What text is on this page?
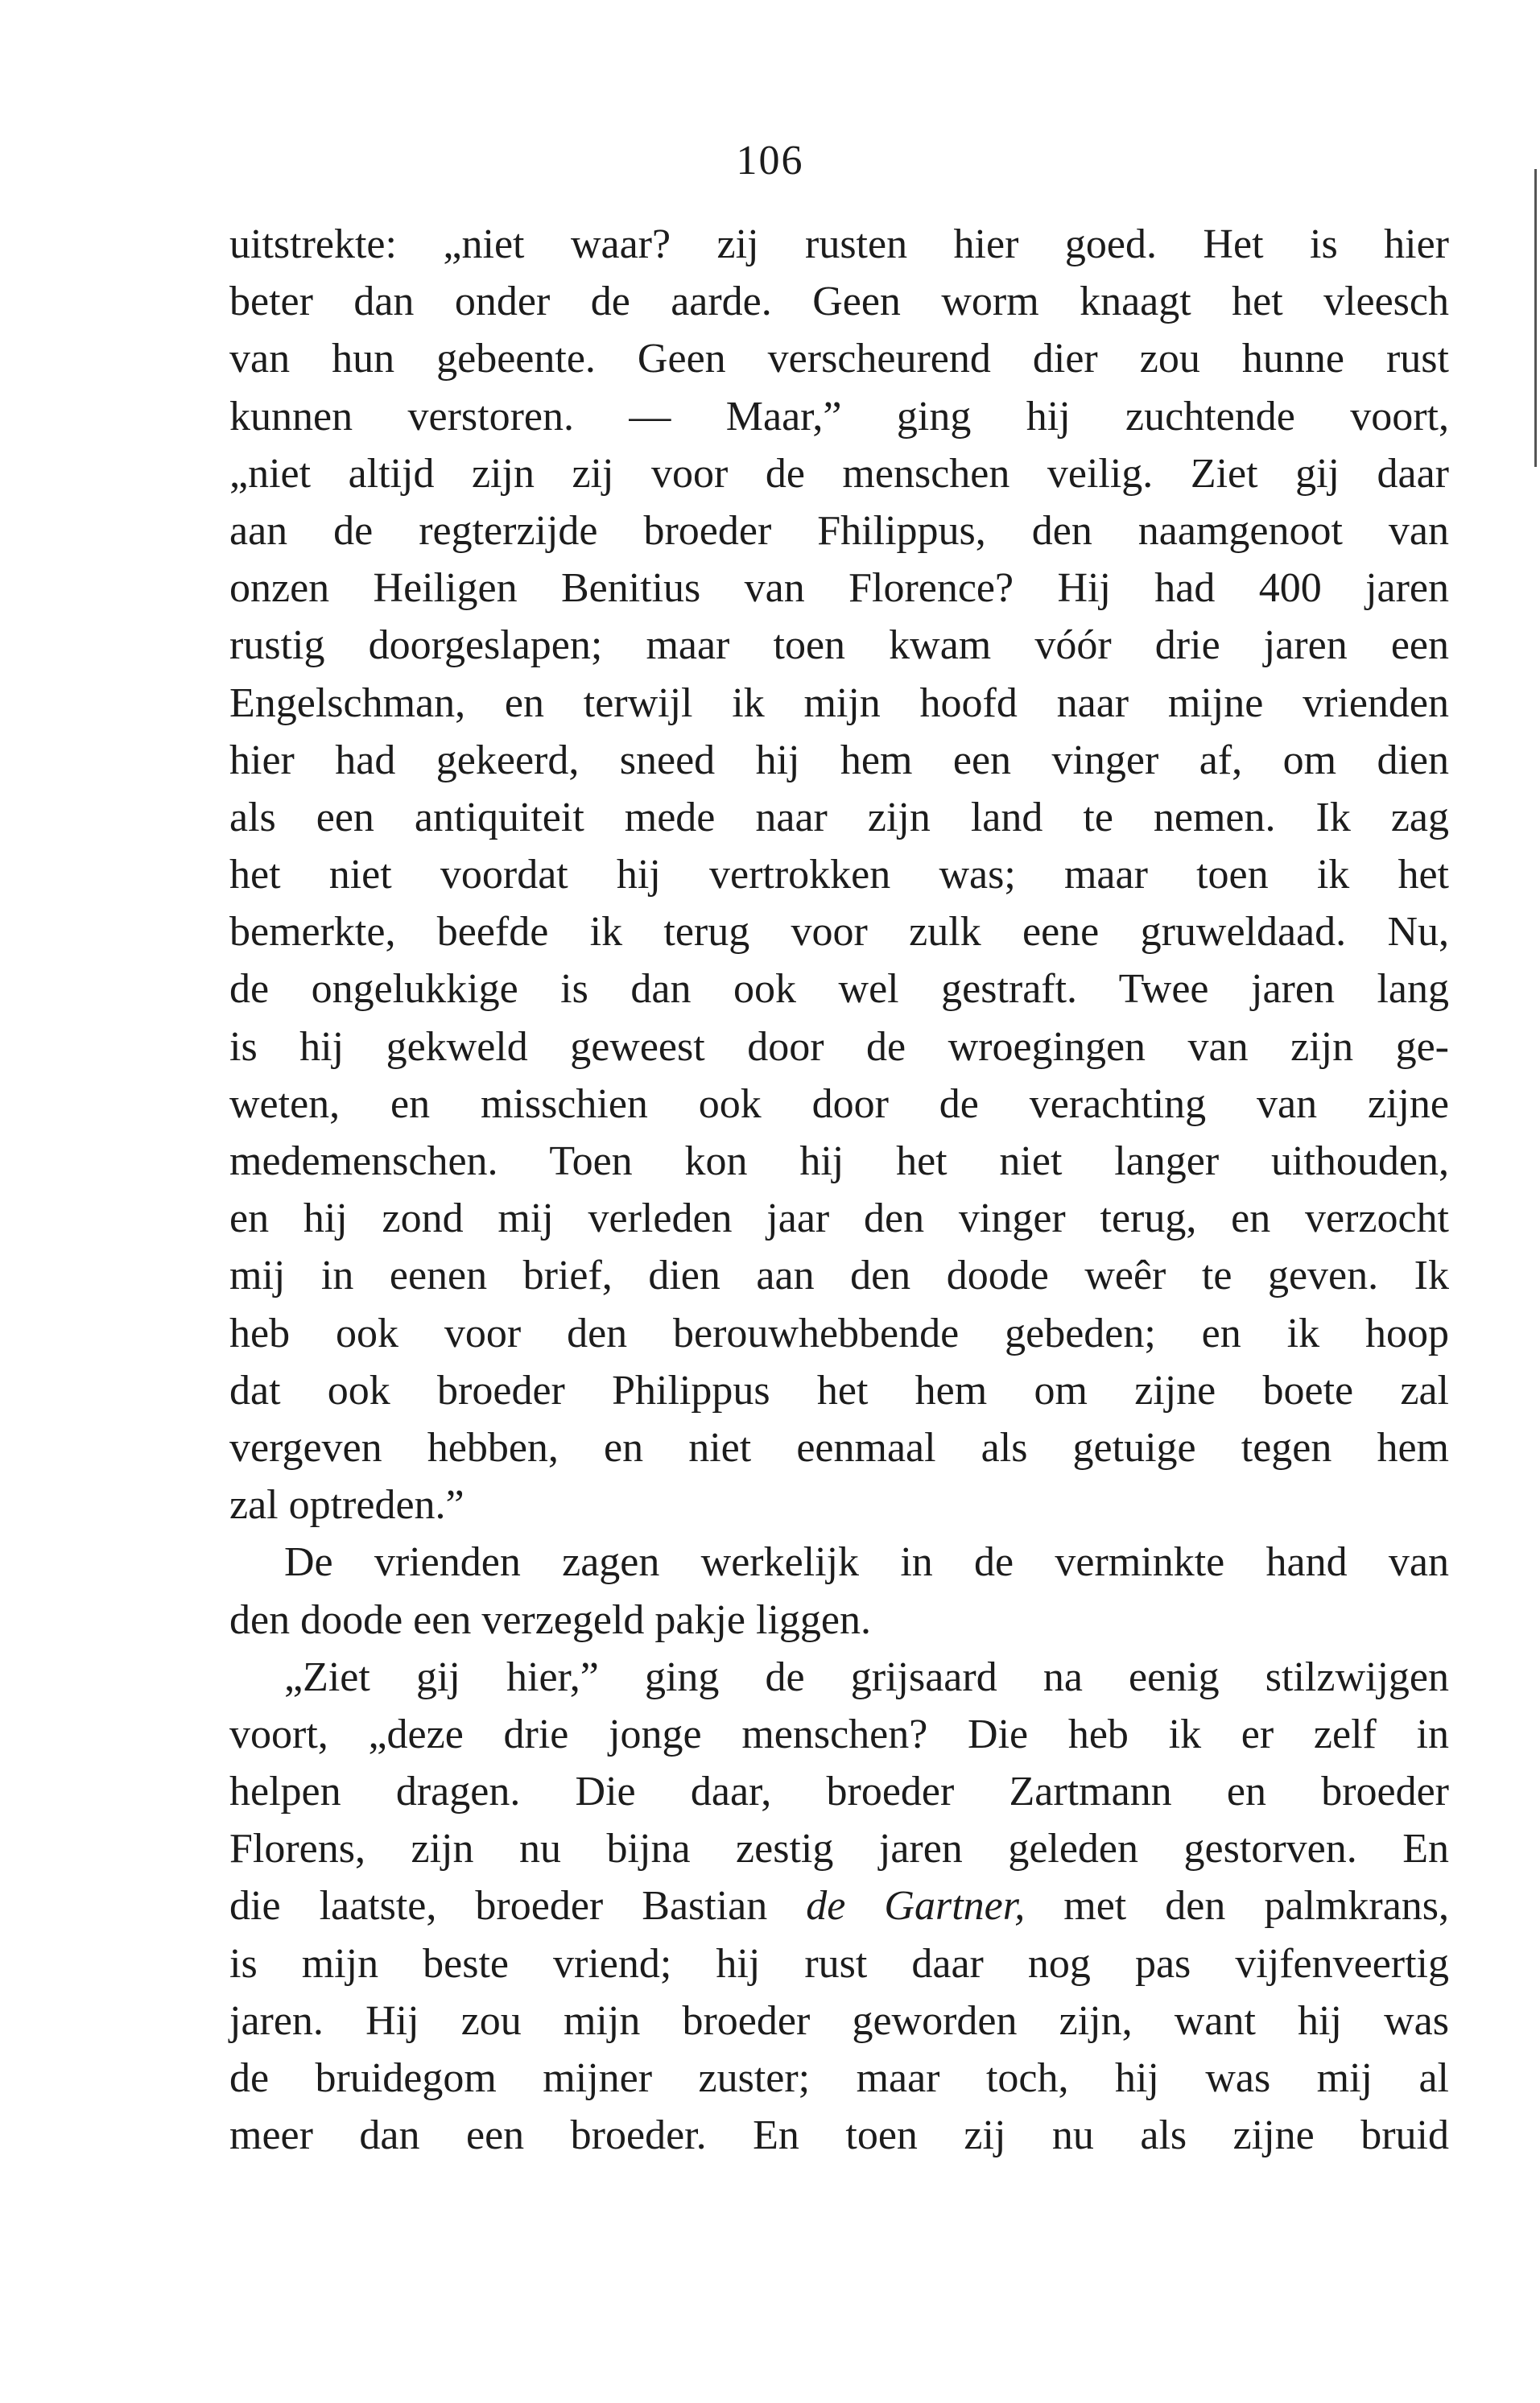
106
uitstrekte: „niet waar? zij rusten hier goed. Het is hier
beter dan onder de aarde. Geen worm knaagt het vleesch
van hun gebeente. Geen verscheurend dier zou hunne rust
kunnen verstoren. — Maar,” ging hij zuchtende voort,
„niet altijd zijn zij voor de menschen veilig. Ziet gij daar
aan de regterzijde broeder Fhilippus, den naamgenoot van
onzen Heiligen Benitius van Florence? Hij had 400 jaren
rustig doorgeslapen; maar toen kwam vóór drie jaren een
Engelschman, en terwijl ik mijn hoofd naar mijne vrienden
hier had gekeerd, sneed hij hem een vinger af, om dien
als een antiquiteit mede naar zijn land te nemen. Ik zag
het niet voordat hij vertrokken was; maar toen ik het
bemerkte, beefde ik terug voor zulk eene gruweldaad. Nu,
de ongelukkige is dan ook wel gestraft. Twee jaren lang
is hij gekweld geweest door de wroegingen van zijn ge-
weten, en misschien ook door de verachting van zijne
medemenschen. Toen kon hij het niet langer uithouden,
en hij zond mij verleden jaar den vinger terug, en verzocht
mij in eenen brief, dien aan den doode weêr te geven. Ik
heb ook voor den berouwhebbende gebeden; en ik hoop
dat ook broeder Philippus het hem om zijne boete zal
vergeven hebben, en niet eenmaal als getuige tegen hem
zal optreden.”
De vrienden zagen werkelijk in de verminkte hand van
den doode een verzegeld pakje liggen.
„Ziet gij hier,” ging de grijsaard na eenig stilzwijgen
voort, „deze drie jonge menschen? Die heb ik er zelf in
helpen dragen. Die daar, broeder Zartmann en broeder
Florens, zijn nu bijna zestig jaren geleden gestorven. En
die laatste, broeder Bastian de Gartner, met den palmkrans,
is mijn beste vriend; hij rust daar nog pas vijfenveertig
jaren. Hij zou mijn broeder geworden zijn, want hij was
de bruidegom mijner zuster; maar toch, hij was mij al
meer dan een broeder. En toen zij nu als zijne bruid
